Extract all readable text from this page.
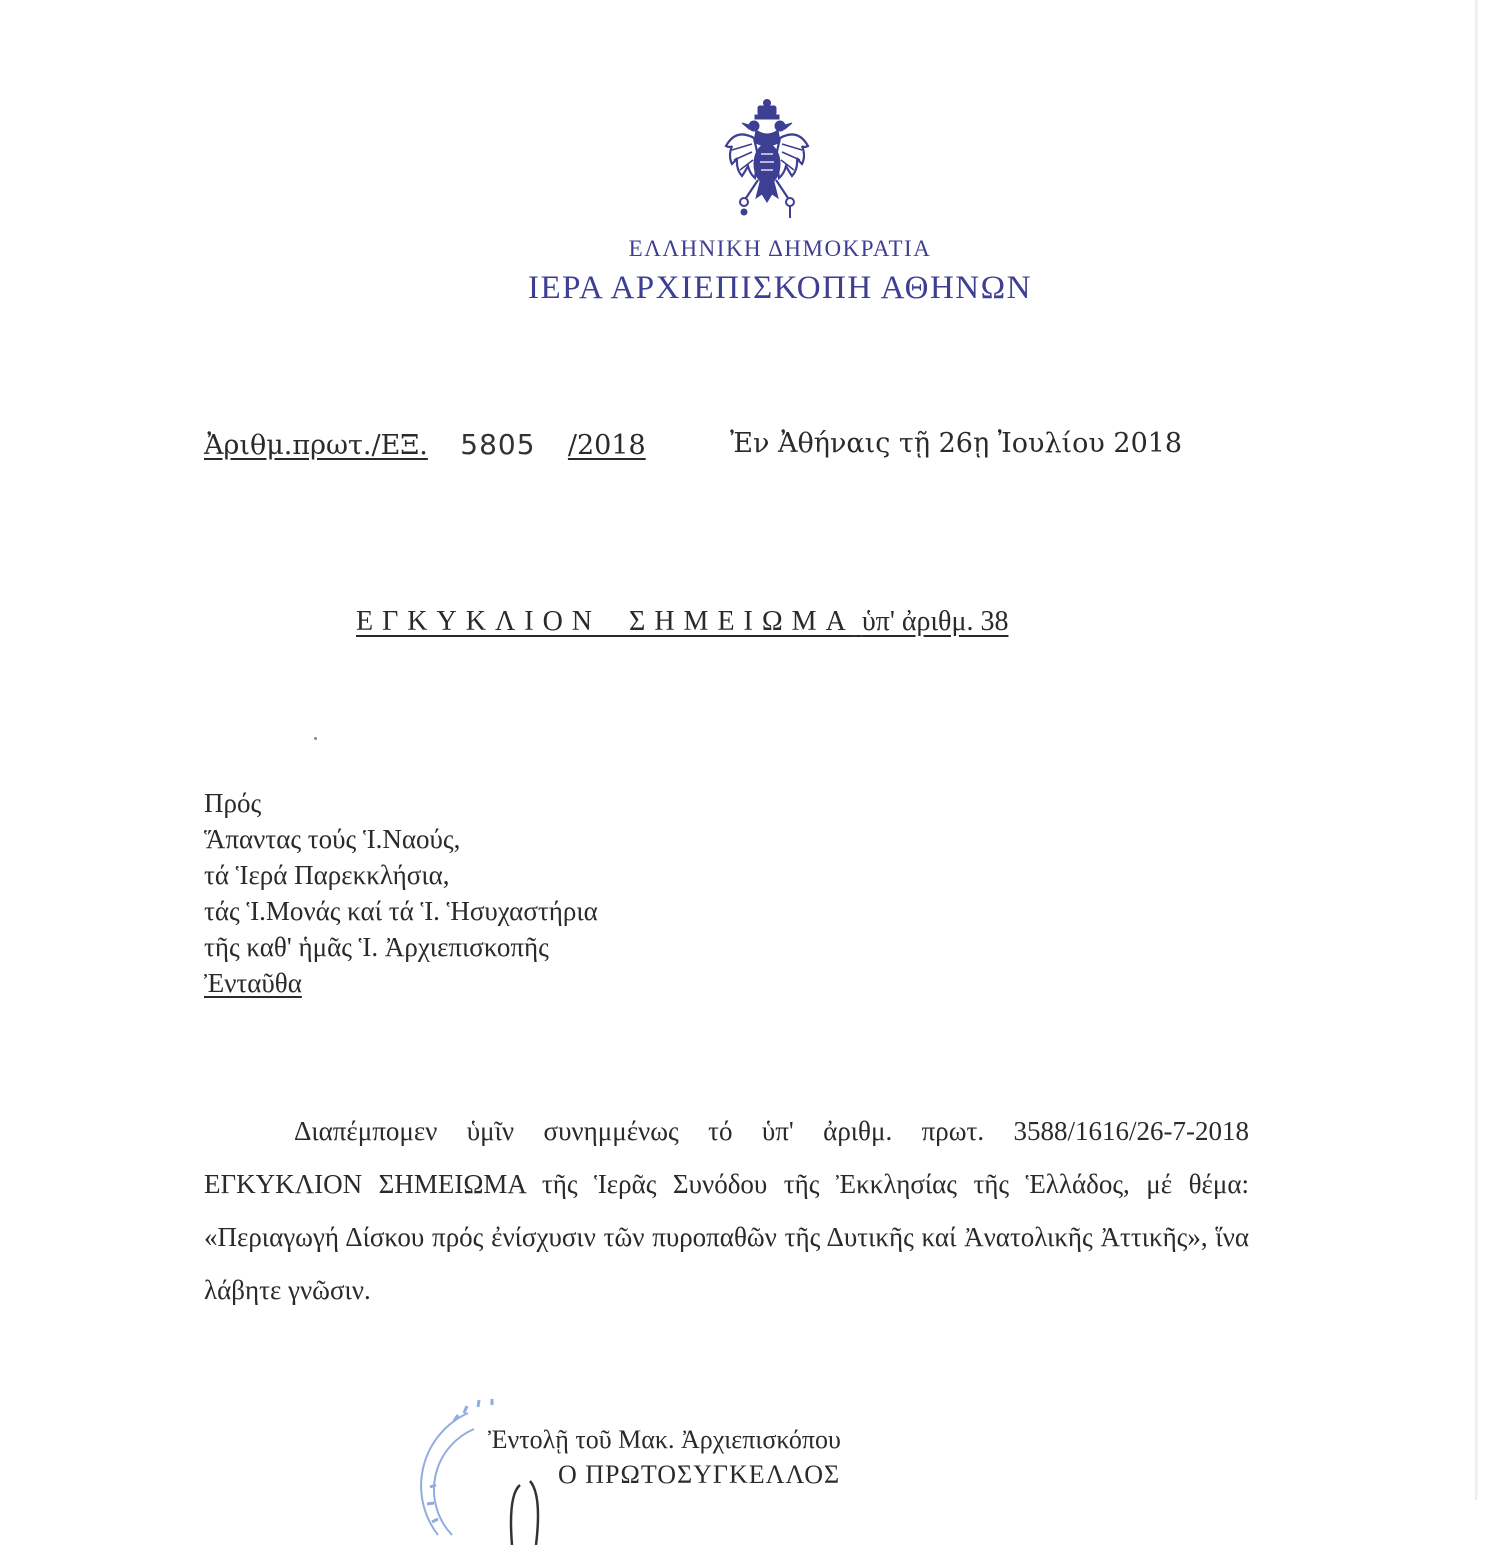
ΕΛΛΗΝΙΚΗ ΔΗΜΟΚΡΑΤΙΑ
ΙΕΡΑ ΑΡΧΙΕΠΙΣΚΟΠΗ ΑΘΗΝΩΝ
Ἀριθμ.πρωτ./ΕΞ. 5805 /2018	Ἐν Ἀθήναις τῇ 26ῃ Ἰουλίου 2018
ΕΓΚΥΚΛΙΟΝ ΣΗΜΕΙΩΜΑ ὑπ' ἀριθμ. 38
Πρός
Ἅπαντας τούς Ἱ.Ναούς,
τά Ἱερά Παρεκκλήσια,
τάς Ἱ.Μονάς καί τά Ἱ. Ἡσυχαστήρια
τῆς καθ' ἡμᾶς Ἱ. Ἀρχιεπισκοπῆς
Ἐνταῦθα
Διαπέμπομεν ὑμῖν συνημμένως τό ὑπ' ἀριθμ. πρωτ. 3588/1616/26-7-2018 ΕΓΚΥΚΛΙΟΝ ΣΗΜΕΙΩΜΑ τῆς Ἱερᾶς Συνόδου τῆς Ἐκκλησίας τῆς Ἑλλάδος, μέ θέμα: «Περιαγωγή Δίσκου πρός ἐνίσχυσιν τῶν πυροπαθῶν τῆς Δυτικῆς καί Ἀνατολικῆς Ἀττικῆς», ἵνα λάβητε γνῶσιν.
Ἐντολῇ τοῦ Μακ. Ἀρχιεπισκόπου
Ο ΠΡΩΤΟΣΥΓΚΕΛΛΟΣ
